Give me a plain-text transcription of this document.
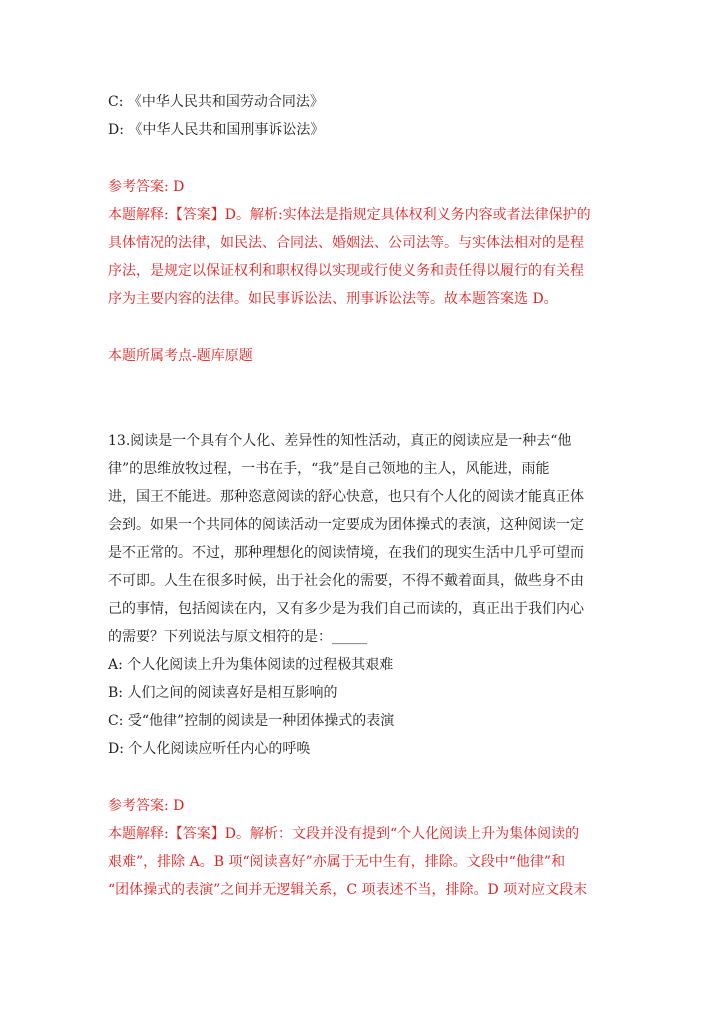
C: 《中华人民共和国劳动合同法》
D: 《中华人民共和国刑事诉讼法》
参考答案: D
本题解释:【答案】D。解析:实体法是指规定具体权利义务内容或者法律保护的
具体情况的法律，如民法、合同法、婚姻法、公司法等。与实体法相对的是程
序法，是规定以保证权利和职权得以实现或行使义务和责任得以履行的有关程
序为主要内容的法律。如民事诉讼法、刑事诉讼法等。故本题答案选 D。
本题所属考点-题库原题
13.阅读是一个具有个人化、差异性的知性活动，真正的阅读应是一种去“他
律”的思维放牧过程，一书在手，“我”是自己领地的主人，风能进，雨能
进，国王不能进。那种恣意阅读的舒心快意，也只有个人化的阅读才能真正体
会到。如果一个共同体的阅读活动一定要成为团体操式的表演，这种阅读一定
是不正常的。不过，那种理想化的阅读情境，在我们的现实生活中几乎可望而
不可即。人生在很多时候，出于社会化的需要，不得不戴着面具，做些身不由
己的事情，包括阅读在内，又有多少是为我们自己而读的，真正出于我们内心
的需要？下列说法与原文相符的是：_____
A: 个人化阅读上升为集体阅读的过程极其艰难
B: 人们之间的阅读喜好是相互影响的
C: 受“他律”控制的阅读是一种团体操式的表演
D: 个人化阅读应听任内心的呼唤
参考答案: D
本题解释:【答案】D。解析：文段并没有提到“个人化阅读上升为集体阅读的
艰难”，排除 A。B 项“阅读喜好”亦属于无中生有，排除。文段中“他律”和
“团体操式的表演”之间并无逻辑关系，C 项表述不当，排除。D 项对应文段末
